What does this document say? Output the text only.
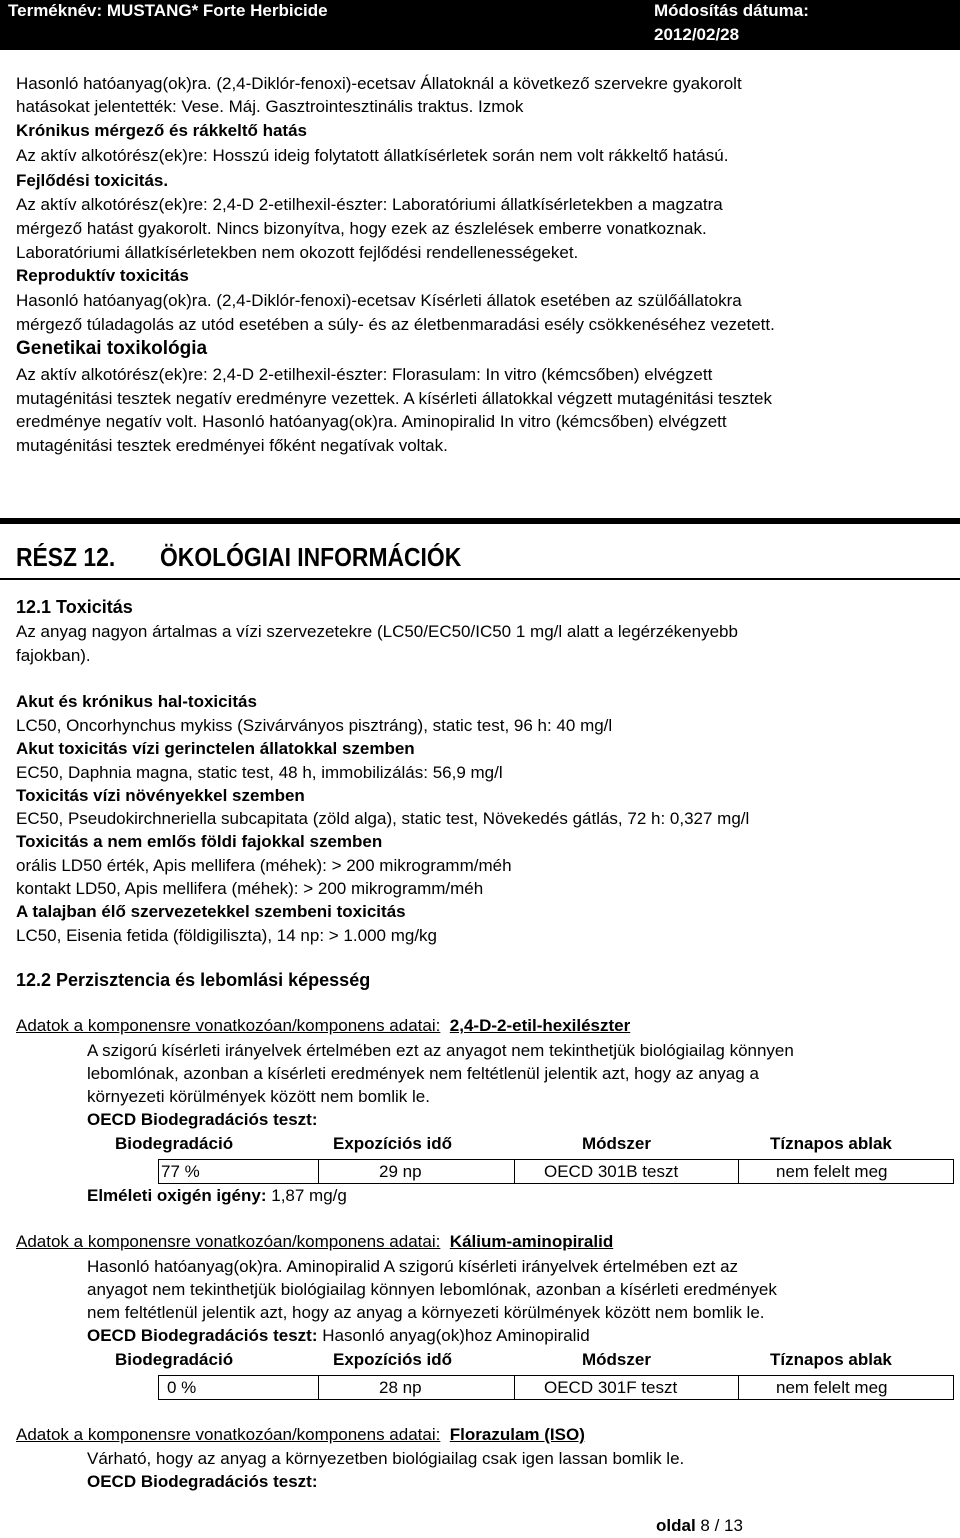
Terméknév: MUSTANG* Forte Herbicide	Módosítás dátuma:
2012/02/28
Hasonló hatóanyag(ok)ra. (2,4-Diklór-fenoxi)-ecetsav Állatoknál a következő szervekre gyakorolt
hatásokat jelentették: Vese. Máj. Gasztrointesztinális traktus. Izmok
Krónikus mérgező és rákkeltő hatás
Az aktív alkotórész(ek)re: Hosszú ideig folytatott állatkísérletek során nem volt rákkeltő hatású.
Fejlődési toxicitás.
Az aktív alkotórész(ek)re: 2,4-D 2-etilhexil-észter: Laboratóriumi állatkísérletekben a magzatra
mérgező hatást gyakorolt. Nincs bizonyítva, hogy ezek az észlelések emberre vonatkoznak.
Laboratóriumi állatkísérletekben nem okozott fejlődési rendellenességeket.
Reproduktív toxicitás
Hasonló hatóanyag(ok)ra. (2,4-Diklór-fenoxi)-ecetsav Kísérleti állatok esetében az szülőállatokra
mérgező túladagolás az utód esetében a súly- és az életbenmaradási esély csökkenéséhez vezetett.
Genetikai toxikológia
Az aktív alkotórész(ek)re: 2,4-D 2-etilhexil-észter: Florasulam: In vitro (kémcsőben) elvégzett
mutagénitási tesztek negatív eredményre vezettek. A kísérleti állatokkal végzett mutagénitási tesztek
eredménye negatív volt. Hasonló hatóanyag(ok)ra. Aminopiralid In vitro (kémcsőben) elvégzett
mutagénitási tesztek eredményei főként negatívak voltak.
RÉSZ 12. ÖKOLÓGIAI INFORMÁCIÓK
12.1 Toxicitás
Az anyag nagyon ártalmas a vízi szervezetekre (LC50/EC50/IC50 1 mg/l alatt a legérzékenyebb
fajokban).
Akut és krónikus hal-toxicitás
LC50, Oncorhynchus mykiss (Szivárványos pisztráng), static test, 96 h: 40 mg/l
Akut toxicitás vízi gerinctelen állatokkal szemben
EC50, Daphnia magna, static test, 48 h, immobilizálás: 56,9 mg/l
Toxicitás vízi növényekkel szemben
EC50, Pseudokirchneriella subcapitata (zöld alga), static test, Növekedés gátlás, 72 h: 0,327 mg/l
Toxicitás a nem emlős földi fajokkal szemben
orális LD50 érték, Apis mellifera (méhek): > 200 mikrogramm/méh
kontakt LD50, Apis mellifera (méhek): > 200 mikrogramm/méh
A talajban élő szervezetekkel szembeni toxicitás
LC50, Eisenia fetida (földigiliszta), 14 np: > 1.000 mg/kg
12.2 Perzisztencia és lebomlási képesség
Adatok a komponensre vonatkozóan/komponens adatai: 2,4-D-2-etil-hexilészter
A szigorú kísérleti irányelvek értelmében ezt az anyagot nem tekinthetjük biológiailag könnyen
lebomlónak, azonban a kísérleti eredmények nem feltétlenül jelentik azt, hogy az anyag a
környezeti körülmények között nem bomlik le.
OECD Biodegradációs teszt:
Biodegradáció	Expozíciós idő	Módszer	Tíznapos ablak
77 %	29 np	OECD 301B teszt	nem felelt meg
Elméleti oxigén igény: 1,87 mg/g
Adatok a komponensre vonatkozóan/komponens adatai: Kálium-aminopiralid
Hasonló hatóanyag(ok)ra. Aminopiralid A szigorú kísérleti irányelvek értelmében ezt az
anyagot nem tekinthetjük biológiailag könnyen lebomlónak, azonban a kísérleti eredmények
nem feltétlenül jelentik azt, hogy az anyag a környezeti körülmények között nem bomlik le.
OECD Biodegradációs teszt: Hasonló anyag(ok)hoz Aminopiralid
Biodegradáció	Expozíciós idő	Módszer	Tíznapos ablak
0 %	28 np	OECD 301F teszt	nem felelt meg
Adatok a komponensre vonatkozóan/komponens adatai: Florazulam (ISO)
Várható, hogy az anyag a környezetben biológiailag csak igen lassan bomlik le.
OECD Biodegradációs teszt:
oldal 8 / 13
